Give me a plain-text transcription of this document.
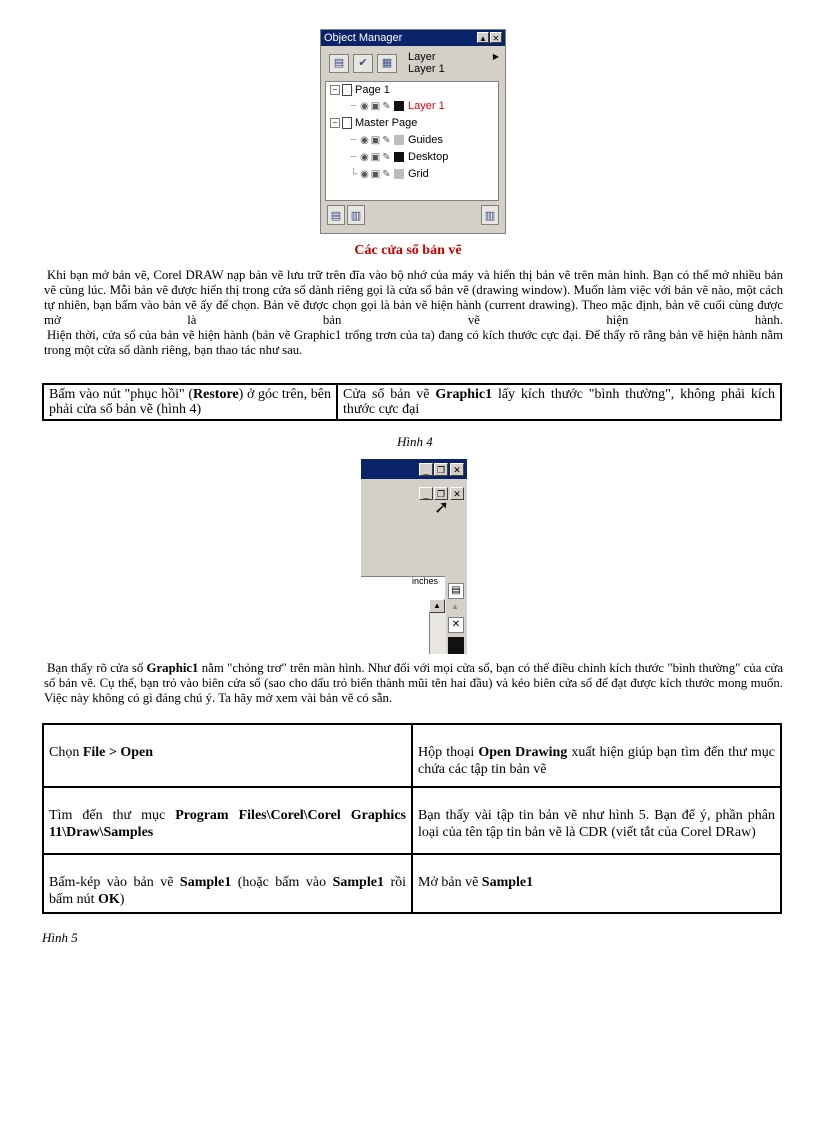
Object Manager	▲ ✕
▤	✔	▦	Layer
Layer 1
▶
− Page 1
┄ ◉ ▣ ✎ Layer 1
− Master Page
┄ ◉ ▣ ✎ Guides
┄ ◉ ▣ ✎ Desktop
└ ◉ ▣ ✎ Grid
▤ ▥	▥
Các cửa sổ bản vẽ

Khi bạn mở bản vẽ, Corel DRAW nạp bản vẽ lưu trữ trên đĩa vào bộ nhớ của máy và hiển thị bản vẽ trên màn hình. Bạn có thể mở nhiều bản vẽ cùng lúc. Mỗi bản vẽ được hiển thị trong cửa sổ dành riêng gọi là cửa sổ bản vẽ (drawing window). Muốn làm việc với bản vẽ nào, một cách tự nhiên, bạn bấm vào bản vẽ ấy để chọn. Bản vẽ được chọn gọi là bản vẽ hiện hành (current drawing). Theo mặc định, bản vẽ cuối cùng được mở là bản vẽ hiện hành.

Hiện thời, cửa sổ của bản vẽ hiện hành (bản vẽ Graphic1 trống trơn của ta) đang có kích thước cực đại. Để thấy rõ rằng bản vẽ hiện hành nằm trong một cửa sổ dành riêng, bạn thao tác như sau.

Bấm vào nút "phục hồi" (Restore) ở góc trên, bên phải cửa sổ bản vẽ (hình 4)	Cửa sổ bản vẽ Graphic1 lấy kích thước "bình thường", không phải kích thước cực đại
Hình 4
_ ❐ ✕
_ ❐ ✕
➚
inches
▲
▤
▲
✕

Bạn thấy rõ cửa sổ Graphic1 nằm "chỏng trơ" trên màn hình. Như đối với mọi cửa sổ, bạn có thể điều chỉnh kích thước "bình thường" của cửa sổ bản vẽ. Cụ thể, bạn trỏ vào biên cửa sổ (sao cho dấu trỏ biến thành mũi tên hai đầu) và kéo biên cửa sổ để đạt được kích thước mong muốn. Việc này không có gì đáng chú ý. Ta hãy mở xem vài bản vẽ có sẵn.

Chọn File > Open	Hộp thoại Open Drawing xuất hiện giúp bạn tìm đến thư mục chứa các tập tin bản vẽ
Tìm đến thư mục Program Files\Corel\Corel Graphics 11\Draw\Samples	Bạn thấy vài tập tin bản vẽ như hình 5. Bạn để ý, phần phân loại của tên tập tin bản vẽ là CDR (viết tắt của Corel DRaw)
Bấm-kép vào bản vẽ Sample1 (hoặc bấm vào Sample1 rồi bấm nút OK)	Mở bản vẽ Sample1
Hình 5
